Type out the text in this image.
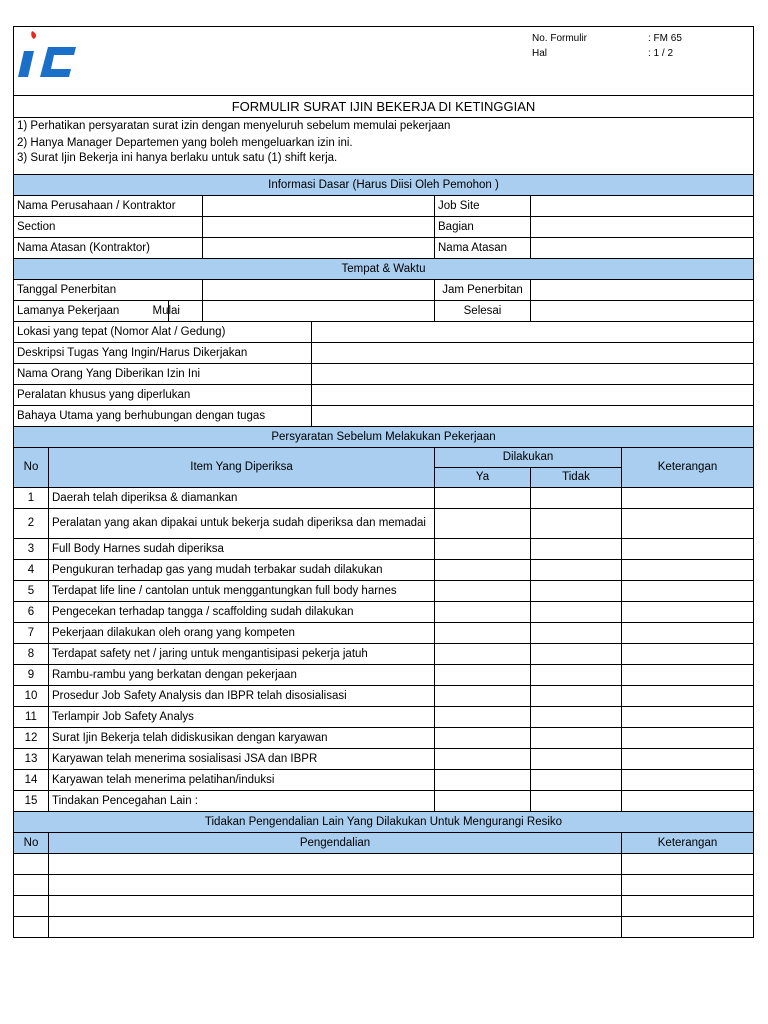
No. Formulir : FM 65
Hal : 1 / 2							

FORMULIR SURAT IJIN BEKERJA DI KETINGGIAN							
1) Perhatikan persyaratan surat izin dengan menyeluruh sebelum memulai pekerjaan							
2) Hanya Manager Departemen yang boleh mengeluarkan izin ini.							
3) Surat Ijin Bekerja ini hanya berlaku untuk satu (1) shift kerja.							
Informasi Dasar (Harus Diisi Oleh Pemohon )							
Nama Perusahaan / Kontraktor					Job Site		
Section					Bagian		
Nama Atasan (Kontraktor)					Nama Atasan		
Tempat & Waktu							
Tanggal Penerbitan					Jam Penerbitan		
Lamanya Pekerjaan Mulai					Selesai		
Lokasi yang tepat (Nomor Alat / Gedung)							
Deskripsi Tugas Yang Ingin/Harus Dikerjakan							
Nama Orang Yang Diberikan Izin Ini							
Peralatan khusus yang diperlukan							
Bahaya Utama yang berhubungan dengan tugas							
Persyaratan Sebelum Melakukan Pekerjaan							
No	Item Yang Diperiksa				Dilakukan		Keterangan
					Ya	Tidak	
1	Daerah telah diperiksa & diamankan						
2	Peralatan yang akan dipakai untuk bekerja sudah diperiksa dan memadai						
3	Full Body Harnes sudah diperiksa						
4	Pengukuran terhadap gas yang mudah terbakar sudah dilakukan						
5	Terdapat life line / cantolan untuk menggantungkan full body harnes						
6	Pengecekan terhadap tangga / scaffolding sudah dilakukan						
7	Pekerjaan dilakukan oleh orang yang kompeten						
8	Terdapat safety net / jaring untuk mengantisipasi pekerja jatuh						
9	Rambu-rambu yang berkatan dengan pekerjaan						
10	Prosedur Job Safety Analysis dan IBPR telah disosialisasi						
11	Terlampir Job Safety Analys						
12	Surat Ijin Bekerja telah didiskusikan dengan karyawan						
13	Karyawan telah menerima sosialisasi JSA dan IBPR						
14	Karyawan telah menerima pelatihan/induksi						
15	Tindakan Pencegahan Lain :						
Tidakan Pengendalian Lain Yang Dilakukan Untuk Mengurangi Resiko							
No	Pengendalian						Keterangan
